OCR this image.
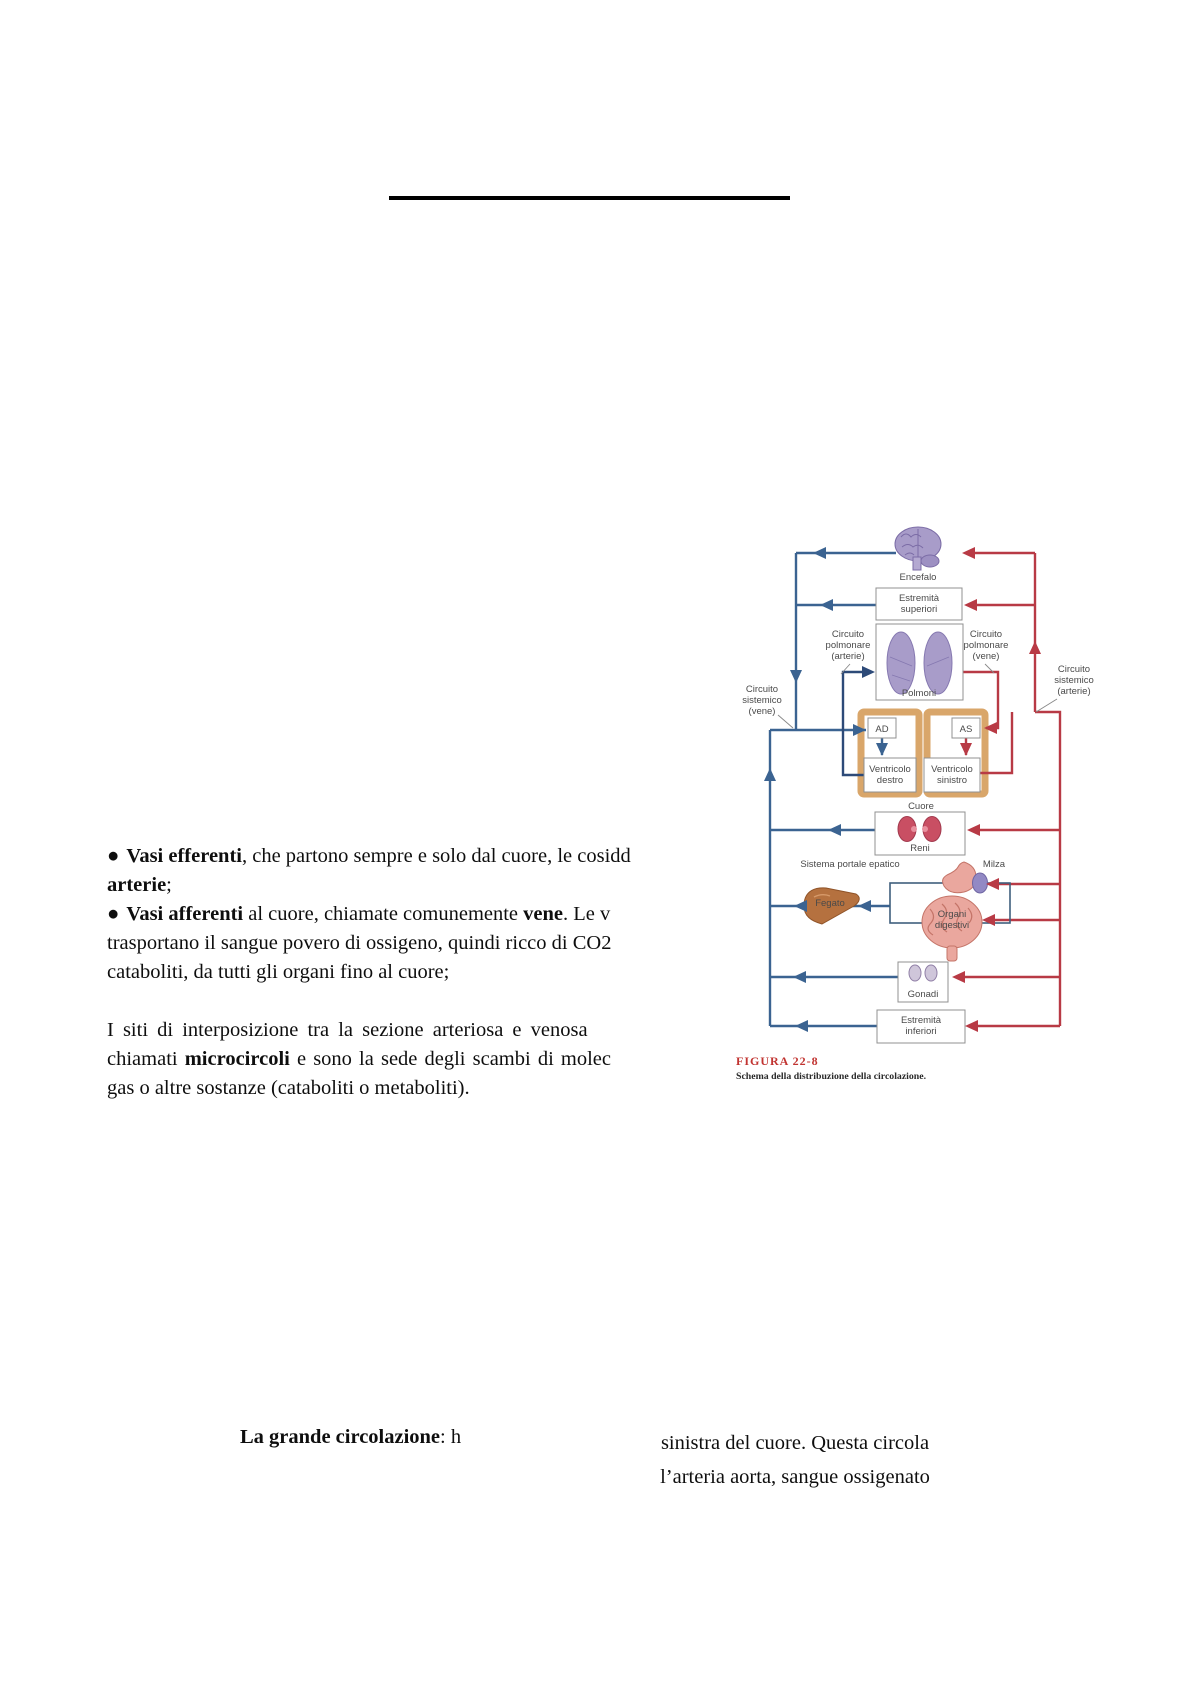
● Vasi efferenti, che partono sempre e solo dal cuore, le cosidd
arterie;
● Vasi afferenti al cuore, chiamate comunemente vene. Le v
trasportano il sangue povero di ossigeno, quindi ricco di CO2
cataboliti, da tutti gli organi fino al cuore;
I siti di interposizione tra la sezione arteriosa e venosa
chiamati microcircoli e sono la sede degli scambi di molec
gas o altre sostanze (cataboliti o metaboliti).
La grande circolazione: h	sinistra del cuore. Questa circola
l’arteria aorta, sangue ossigenato
Encefalo
Estremità
superiori
Circuito
polmonare
(arterie)
Circuito
polmonare
(vene)
Circuito
sistemico
(vene)
Circuito
sistemico
(arterie)
Polmoni
AD	AS
Ventricolo
destro
Ventricolo
sinistro
Cuore
Reni
Sistema portale epatico	Milza
Fegato
Organi
digestivi
Gonadi
Estremità
inferiori
FIGURA 22-8
Schema della distribuzione della circolazione.
